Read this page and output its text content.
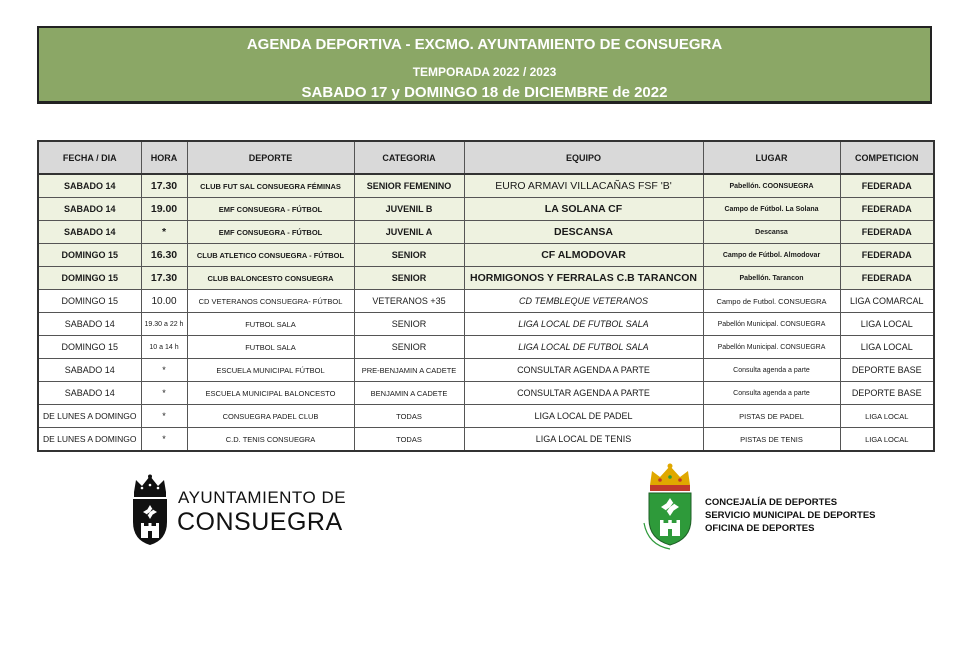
AGENDA DEPORTIVA - EXCMO. AYUNTAMIENTO DE CONSUEGRA
TEMPORADA 2022 / 2023
SABADO 17 y DOMINGO 18 de DICIEMBRE de 2022
FECHA / DIA	HORA	DEPORTE	CATEGORIA	EQUIPO	LUGAR	COMPETICION
SABADO 14	17.30	CLUB FUT SAL CONSUEGRA FÉMINAS	SENIOR FEMENINO	EURO ARMAVI VILLACAÑAS FSF 'B'	Pabellón. COONSUEGRA	FEDERADA
SABADO 14	19.00	EMF CONSUEGRA - FÚTBOL	JUVENIL B	LA SOLANA CF	Campo de Fútbol. La Solana	FEDERADA
SABADO 14	*	EMF CONSUEGRA - FÚTBOL	JUVENIL A	DESCANSA	Descansa	FEDERADA
DOMINGO 15	16.30	CLUB ATLETICO CONSUEGRA - FÚTBOL	SENIOR	CF ALMODOVAR	Campo de Fútbol. Almodovar	FEDERADA
DOMINGO 15	17.30	CLUB BALONCESTO CONSUEGRA	SENIOR	HORMIGONOS Y FERRALAS C.B TARANCON	Pabellón. Tarancon	FEDERADA
DOMINGO 15	10.00	CD VETERANOS CONSUEGRA- FÚTBOL	VETERANOS +35	CD TEMBLEQUE VETERANOS	Campo de Futbol. CONSUEGRA	LIGA COMARCAL
SABADO 14	19.30 a 22 h	FUTBOL SALA	SENIOR	LIGA LOCAL DE FUTBOL SALA	Pabellón Municipal. CONSUEGRA	LIGA LOCAL
DOMINGO 15	10 a 14 h	FUTBOL SALA	SENIOR	LIGA LOCAL DE FUTBOL SALA	Pabellón Municipal. CONSUEGRA	LIGA LOCAL
SABADO 14	*	ESCUELA MUNICIPAL FÚTBOL	PRE-BENJAMIN A CADETE	CONSULTAR AGENDA A PARTE	Consulta agenda a parte	DEPORTE BASE
SABADO 14	*	ESCUELA MUNICIPAL BALONCESTO	BENJAMIN A CADETE	CONSULTAR AGENDA A PARTE	Consulta agenda a parte	DEPORTE BASE
DE LUNES A DOMINGO	*	CONSUEGRA PADEL CLUB	TODAS	LIGA LOCAL DE PADEL	PISTAS DE PADEL	LIGA LOCAL
DE LUNES A DOMINGO	*	C.D. TENIS CONSUEGRA	TODAS	LIGA LOCAL DE TENIS	PISTAS DE TENIS	LIGA LOCAL
AYUNTAMIENTO DE
CONSUEGRA
CONCEJALÍA DE DEPORTES
SERVICIO MUNICIPAL DE DEPORTES
OFICINA DE DEPORTES
